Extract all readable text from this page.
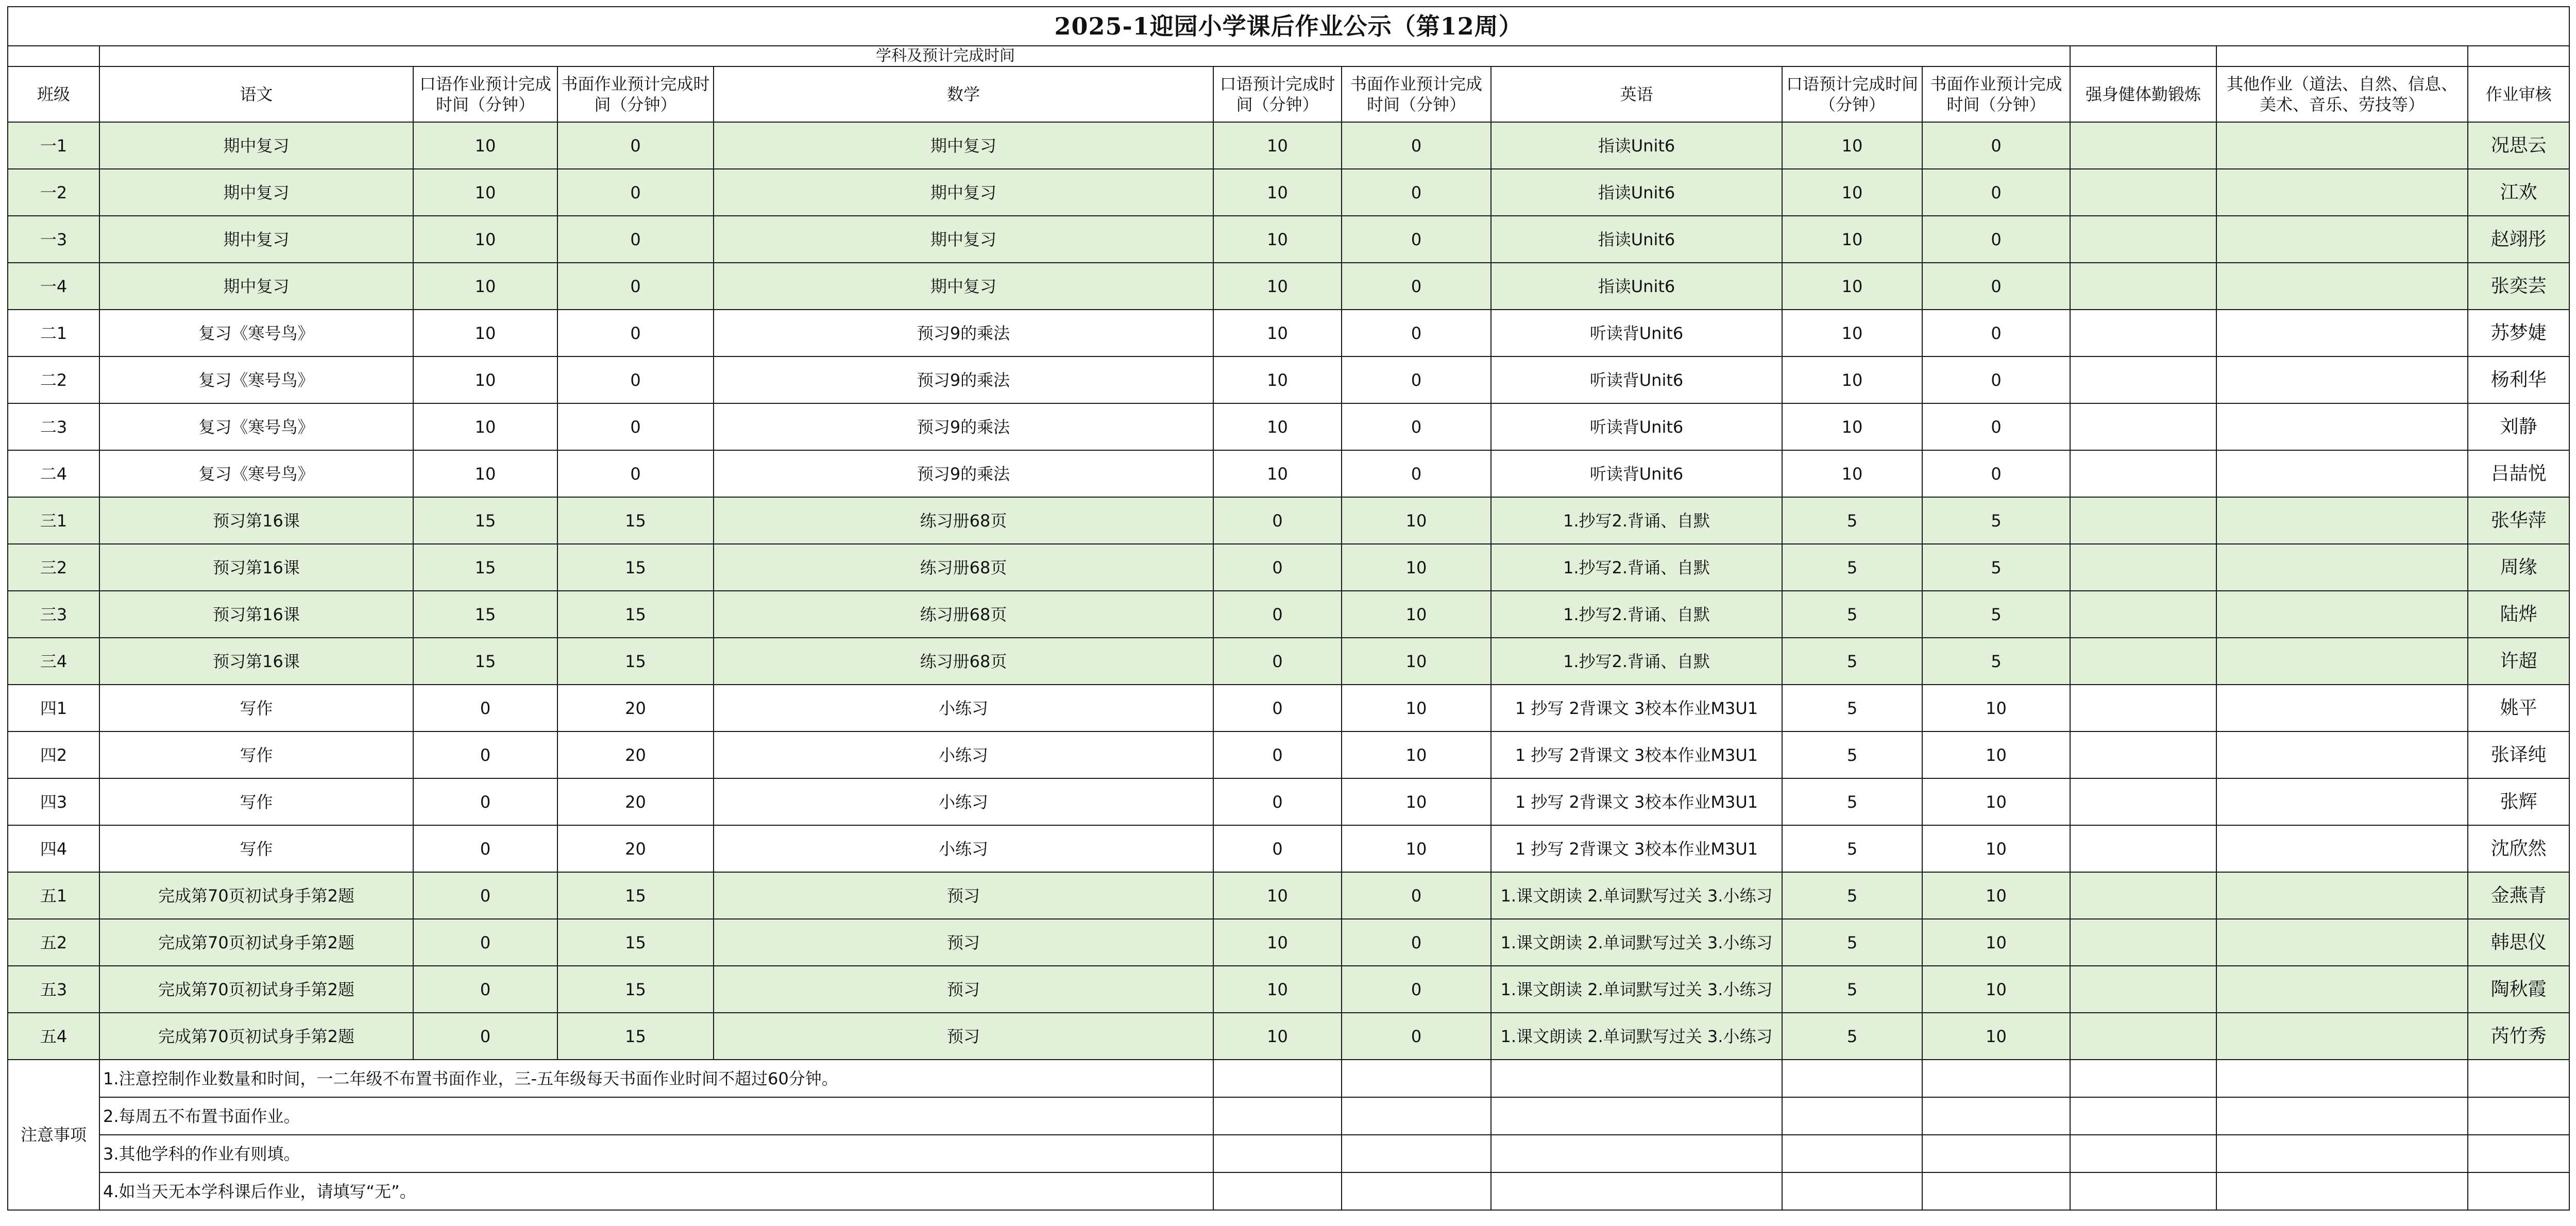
2025-1迎园小学课后作业公示（第12周）												
				学科及预计完成时间								
班级	语文	口语作业预计完成时间（分钟）	书面作业预计完成时间（分钟）	数学	口语预计完成时间（分钟）	书面作业预计完成时间（分钟）	英语	口语预计完成时间（分钟）	书面作业预计完成时间（分钟）	强身健体勤锻炼	其他作业（道法、自然、信息、美术、音乐、劳技等）	作业审核
一1	期中复习	10	0	期中复习	10	0	指读Unit6	10	0			况思云
一2	期中复习	10	0	期中复习	10	0	指读Unit6	10	0			江欢
一3	期中复习	10	0	期中复习	10	0	指读Unit6	10	0			赵翊彤
一4	期中复习	10	0	期中复习	10	0	指读Unit6	10	0			张奕芸
二1	复习《寒号鸟》	10	0	预习9的乘法	10	0	听读背Unit6	10	0			苏梦婕
二2	复习《寒号鸟》	10	0	预习9的乘法	10	0	听读背Unit6	10	0			杨利华
二3	复习《寒号鸟》	10	0	预习9的乘法	10	0	听读背Unit6	10	0			刘静
二4	复习《寒号鸟》	10	0	预习9的乘法	10	0	听读背Unit6	10	0			吕喆悦
三1	预习第16课	15	15	练习册68页	0	10	1.抄写2.背诵、自默	5	5			张华萍
三2	预习第16课	15	15	练习册68页	0	10	1.抄写2.背诵、自默	5	5			周缘
三3	预习第16课	15	15	练习册68页	0	10	1.抄写2.背诵、自默	5	5			陆烨
三4	预习第16课	15	15	练习册68页	0	10	1.抄写2.背诵、自默	5	5			许超
四1	写作	0	20	小练习	0	10	1 抄写 2背课文 3校本作业M3U1	5	10			姚平
四2	写作	0	20	小练习	0	10	1 抄写 2背课文 3校本作业M3U1	5	10			张译纯
四3	写作	0	20	小练习	0	10	1 抄写 2背课文 3校本作业M3U1	5	10			张辉
四4	写作	0	20	小练习	0	10	1 抄写 2背课文 3校本作业M3U1	5	10			沈欣然
五1	完成第70页初试身手第2题	0	15	预习	10	0	1.课文朗读 2.单词默写过关 3.小练习	5	10			金燕青
五2	完成第70页初试身手第2题	0	15	预习	10	0	1.课文朗读 2.单词默写过关 3.小练习	5	10			韩思仪
五3	完成第70页初试身手第2题	0	15	预习	10	0	1.课文朗读 2.单词默写过关 3.小练习	5	10			陶秋霞
五4	完成第70页初试身手第2题	0	15	预习	10	0	1.课文朗读 2.单词默写过关 3.小练习	5	10			芮竹秀
注意事项	1.注意控制作业数量和时间，一二年级不布置书面作业，三-五年级每天书面作业时间不超过60分钟。											
	2.每周五不布置书面作业。											
	3.其他学科的作业有则填。											
	4.如当天无本学科课后作业，请填写“无”。											
